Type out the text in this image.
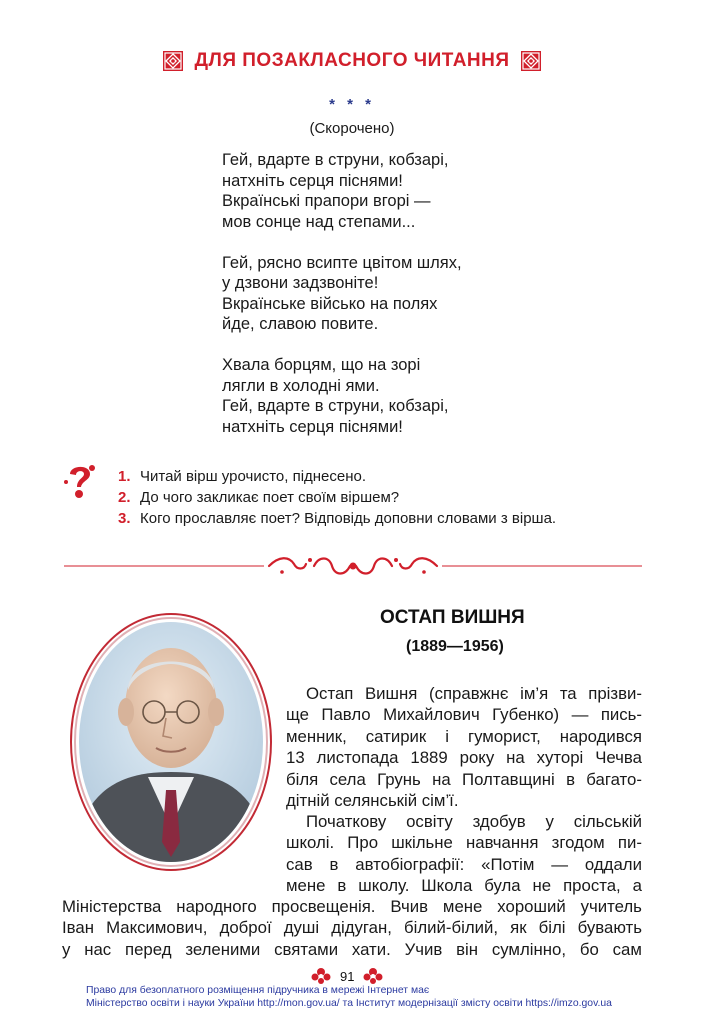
ДЛЯ ПОЗАКЛАСНОГО ЧИТАННЯ
* * *
(Скорочено)
Гей, вдарте в струни, кобзарі,
натхніть серця піснями!
Вкраїнські прапори вгорі —
мов сонце над степами...
Гей, рясно всипте цвітом шлях,
у дзвони задзвоніте!
Вкраїнське військо на полях
йде, славою повите.
Хвала борцям, що на зорі
лягли в холодні ями.
Гей, вдарте в струни, кобзарі,
натхніть серця піснями!
1. Читай вірш урочисто, піднесено.
2. До чого закликає поет своїм віршем?
3. Кого прославляє поет? Відповідь доповни словами з вірша.
ОСТАП ВИШНЯ
(1889—1956)
Остап Вишня (справжнє ім’я та прізви-
ще Павло Михайлович Губенко) — пись-
менник, сатирик і гуморист, народився
13 листопада 1889 року на хуторі Чечва
біля села Грунь на Полтавщині в багато-
дітній селянській сім’ї.
Початкову освіту здобув у сільській
школі. Про шкільне навчання згодом пи-
сав в автобіографії: «Потім — оддали
мене в школу. Школа була не проста, а
Міністерства народного просвещенія. Вчив мене хороший учитель
Іван Максимович, доброї душі дідуган, білий-білий, як білі бувають
у нас перед зеленими святами хати. Учив він сумлінно, бо сам
91
Право для безоплатного розміщення підручника в мережі Інтернет має
Міністерство освіти і науки України http://mon.gov.ua/ та Інститут модернізації змісту освіти https://imzo.gov.ua
